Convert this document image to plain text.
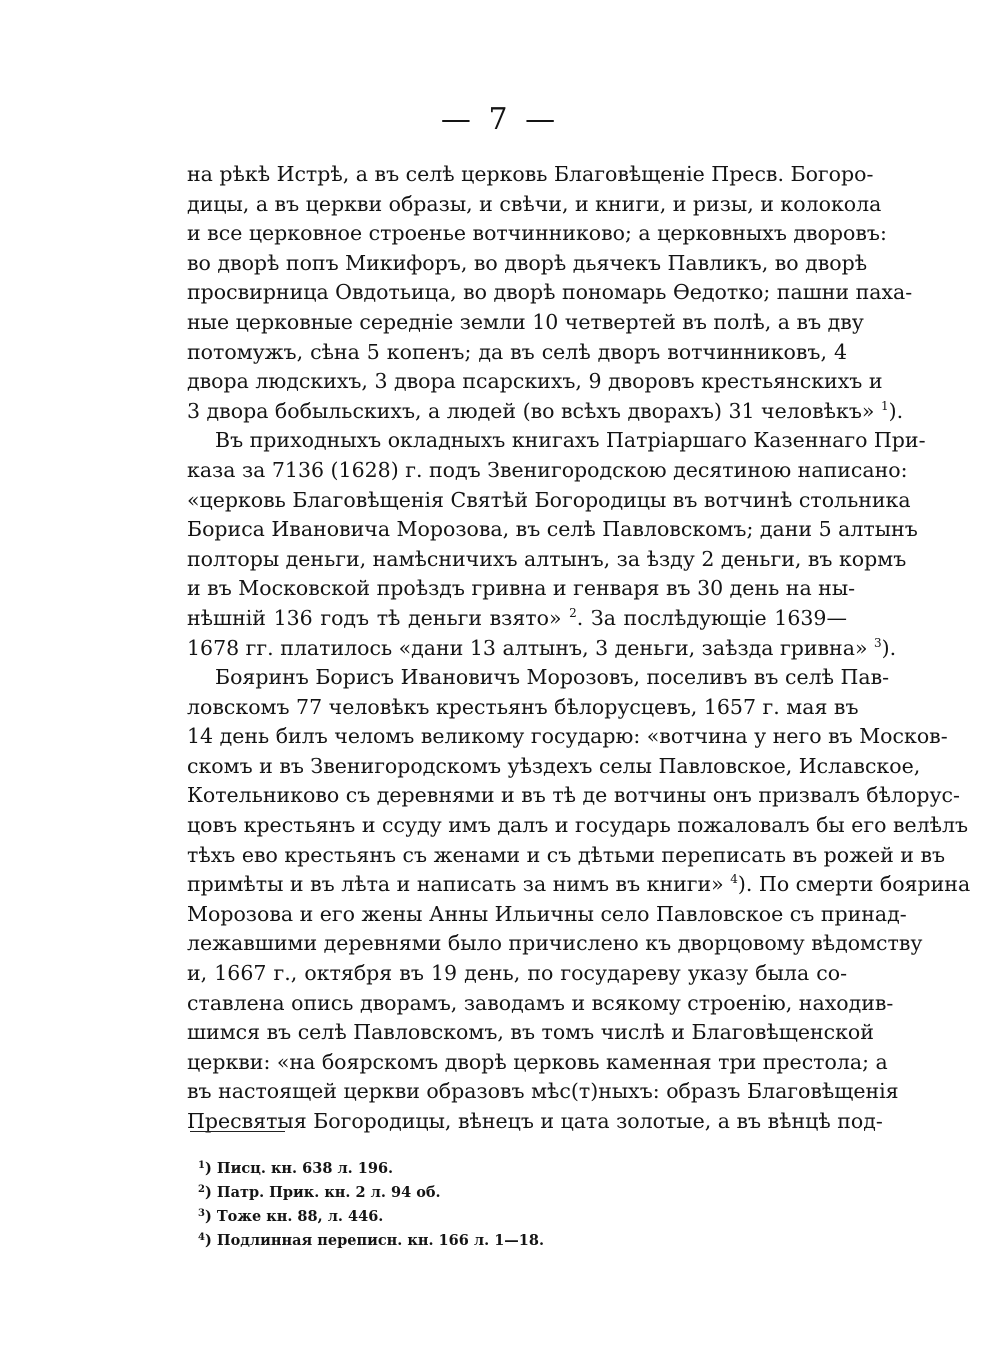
— 7 —

на рѣкѣ Истрѣ, а въ селѣ церковь Благовѣщеніе Пресв. Богоро-
дицы, а въ церкви образы, и свѣчи, и книги, и ризы, и колокола
и все церковное строенье вотчинниково; а церковныхъ дворовъ:
во дворѣ попъ Микифоръ, во дворѣ дьячекъ Павликъ, во дворѣ
просвирница Овдотьица, во дворѣ пономарь Ѳедотко; пашни паха-
ные церковные середніе земли 10 четвертей въ полѣ, а въ дву
потомужъ, сѣна 5 копенъ; да въ селѣ дворъ вотчинниковъ, 4
двора людскихъ, 3 двора псарскихъ, 9 дворовъ крестьянскихъ и
3 двора бобыльскихъ, а людей (во всѣхъ дворахъ) 31 человѣкъ» $^1$).

Въ приходныхъ окладныхъ книгахъ Патріаршаго Казеннаго При-
каза за 7136 (1628) г. подъ Звенигородскою десятиною написано:
«церковь Благовѣщенія Святѣй Богородицы въ вотчинѣ стольника
Бориса Ивановича Морозова, въ селѣ Павловскомъ; дани 5 алтынъ
полторы деньги, намѣсничихъ алтынъ, за ѣзду 2 деньги, въ кормъ
и въ Московской проѣздъ гривна и генваря въ 30 день на ны-
нѣшній 136 годъ тѣ деньги взято» $^2$. За послѣдующіе 1639—
1678 гг. платилось «дани 13 алтынъ, 3 деньги, заѣзда гривна» $^3$).

Бояринъ Борисъ Ивановичъ Морозовъ, поселивъ въ селѣ Пав-
ловскомъ 77 человѣкъ крестьянъ бѣлорусцевъ, 1657 г. мая въ
14 день билъ челомъ великому государю: «вотчина у него въ Москов-
скомъ и въ Звенигородскомъ уѣздехъ селы Павловское, Иславское,
Котельниково съ деревнями и въ тѣ де вотчины онъ призвалъ бѣлорус-
цовъ крестьянъ и ссуду имъ далъ и государь пожаловалъ бы его велѣлъ
тѣхъ ево крестьянъ съ женами и съ дѣтьми переписать въ рожей и въ
примѣты и въ лѣта и написать за нимъ въ книги» $^4$). По смерти боярина
Морозова и его жены Анны Ильичны село Павловское съ принад-
лежавшими деревнями было причислено къ дворцовому вѣдомству
и, 1667 г., октября въ 19 день, по государеву указу была со-
ставлена опись дворамъ, заводамъ и всякому строенію, находив-
шимся въ селѣ Павловскомъ, въ томъ числѣ и Благовѣщенской
церкви: «на боярскомъ дворѣ церковь каменная три престола; а
въ настоящей церкви образовъ мѣс(т)ныхъ: образъ Благовѣщенія
Пресвятыя Богородицы, вѣнецъ и цата золотые, а въ вѣнцѣ под-

$^1$) Писц. кн. 638 л. 196.
$^2$) Патр. Прик. кн. 2 л. 94 об.
$^3$) Тоже кн. 88, л. 446.
$^4$) Подлинная переписн. кн. 166 л. 1—18.
